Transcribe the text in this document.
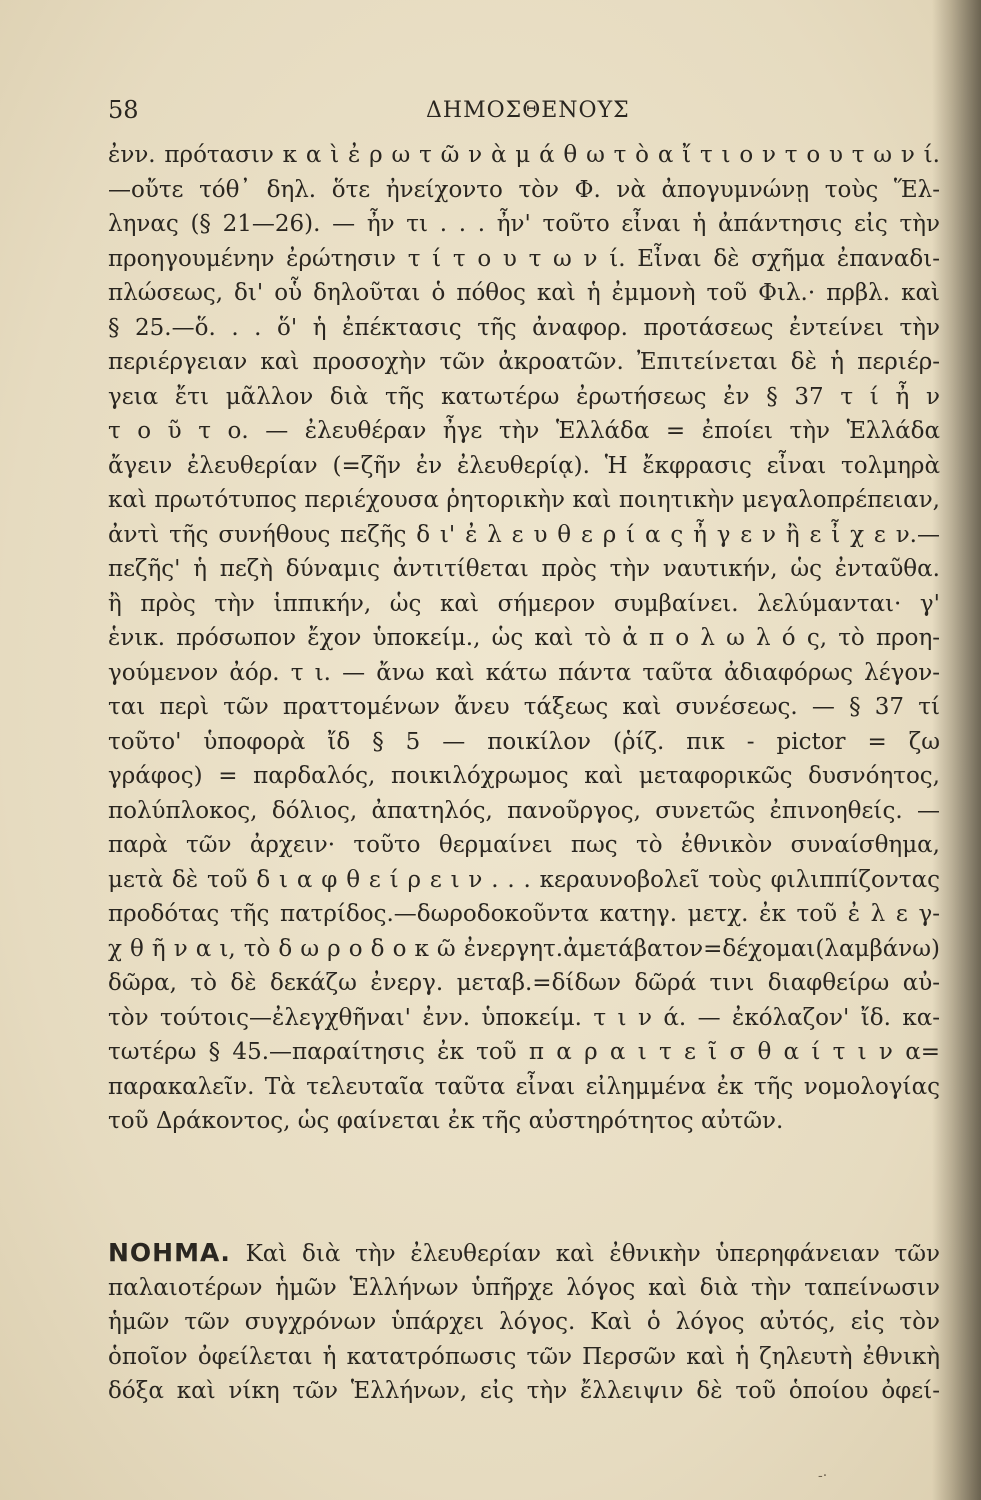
58	ΔΗΜΟΣΘΕΝΟΥΣ
ἐνν. πρότασιν κ α ὶ ἐ ρ ω τ ῶ ν ὰ μ ά θ ω τ ὸ α ἴ τ ι ο ν τ ο υ τ ω ν ί.
—οὔτε τόθ᾽ δηλ. ὅτε ἠνείχοντο τὸν Φ. νὰ ἀπογυμνώνῃ τοὺς Ἕλ-
ληνας (§ 21—26). — ἦν τι . . . ἦν' τοῦτο εἶναι ἡ ἀπάντησις εἰς τὴν
προηγουμένην ἐρώτησιν τ ί τ ο υ τ ω ν ί. Εἶναι δὲ σχῆμα ἐπαναδι-
πλώσεως, δι' οὗ δηλοῦται ὁ πόθος καὶ ἡ ἐμμονὴ τοῦ Φιλ.· πρβλ. καὶ
§ 25.—ὅ. . . ὅ' ἡ ἐπέκτασις τῆς ἀναφορ. προτάσεως ἐντείνει τὴν
περιέργειαν καὶ προσοχὴν τῶν ἀκροατῶν. Ἐπιτείνεται δὲ ἡ περιέρ-
γεια ἔτι μᾶλλον διὰ τῆς κατωτέρω ἐρωτήσεως ἐν § 37 τ ί ἦ ν
τ ο ῦ τ ο. — ἐλευθέραν ἦγε τὴν Ἑλλάδα = ἐποίει τὴν Ἑλλάδα
ἄγειν ἐλευθερίαν (=ζῆν ἐν ἐλευθερίᾳ). Ἡ ἔκφρασις εἶναι τολμηρὰ
καὶ πρωτότυπος περιέχουσα ῥητορικὴν καὶ ποιητικὴν μεγαλοπρέπειαν,
ἀντὶ τῆς συνήθους πεζῆς δ ι' ἐ λ ε υ θ ε ρ ί α ς ἦ γ ε ν ἢ ε ἶ χ ε ν.—
πεζῆς' ἡ πεζὴ δύναμις ἀντιτίθεται πρὸς τὴν ναυτικήν, ὡς ἐνταῦθα.
ἢ πρὸς τὴν ἱππικήν, ὡς καὶ σήμερον συμβαίνει. λελύμανται· γ'
ἑνικ. πρόσωπον ἔχον ὑποκείμ., ὡς καὶ τὸ ἀ π ο λ ω λ ό ς, τὸ προη-
γούμενον ἀόρ. τ ι. — ἄνω καὶ κάτω πάντα ταῦτα ἀδιαφόρως λέγον-
ται περὶ τῶν πραττομένων ἄνευ τάξεως καὶ συνέσεως. — § 37 τί
τοῦτο' ὑποφορὰ ἴδ § 5 — ποικίλον (ῥίζ. πικ - pictor = ζω
γράφος) = παρδαλός, ποικιλόχρωμος καὶ μεταφορικῶς δυσνόητος,
πολύπλοκος, δόλιος, ἀπατηλός, πανοῦργος, συνετῶς ἐπινοηθείς. —
παρὰ τῶν ἀρχειν· τοῦτο θερμαίνει πως τὸ ἐθνικὸν συναίσθημα,
μετὰ δὲ τοῦ δ ι α φ θ ε ί ρ ε ι ν . . . κεραυνοβολεῖ τοὺς φιλιππίζοντας
προδότας τῆς πατρίδος.—δωροδοκοῦντα κατηγ. μετχ. ἐκ τοῦ ἐ λ ε γ-
χ θ ῆ ν α ι, τὸ δ ω ρ ο δ ο κ ῶ ἐνεργητ.ἀμετάβατον=δέχομαι(λαμβάνω)
δῶρα, τὸ δὲ δεκάζω ἐνεργ. μεταβ.=δίδων δῶρά τινι διαφθείρω αὐ-
τὸν τούτοις—ἐλεγχθῆναι' ἐνν. ὑποκείμ. τ ι ν ά. — ἐκόλαζον' ἴδ. κα-
τωτέρω § 45.—παραίτησις ἐκ τοῦ π α ρ α ι τ ε ῖ σ θ α ί τ ι ν α=
παρακαλεῖν. Τὰ τελευταῖα ταῦτα εἶναι εἰλημμένα ἐκ τῆς νομολογίας
τοῦ Δράκοντος, ὡς φαίνεται ἐκ τῆς αὐστηρότητος αὐτῶν.
ΝΟΗΜΑ. Καὶ διὰ τὴν ἐλευθερίαν καὶ ἐθνικὴν ὑπερηφάνειαν τῶν
παλαιοτέρων ἡμῶν Ἑλλήνων ὑπῆρχε λόγος καὶ διὰ τὴν ταπείνωσιν
ἡμῶν τῶν συγχρόνων ὑπάρχει λόγος. Καὶ ὁ λόγος αὐτός, εἰς τὸν
ὁποῖον ὀφείλεται ἡ κατατρόπωσις τῶν Περσῶν καὶ ἡ ζηλευτὴ ἐθνικὴ
δόξα καὶ νίκη τῶν Ἑλλήνων, εἰς τὴν ἔλλειψιν δὲ τοῦ ὁποίου ὀφεί-
-·
